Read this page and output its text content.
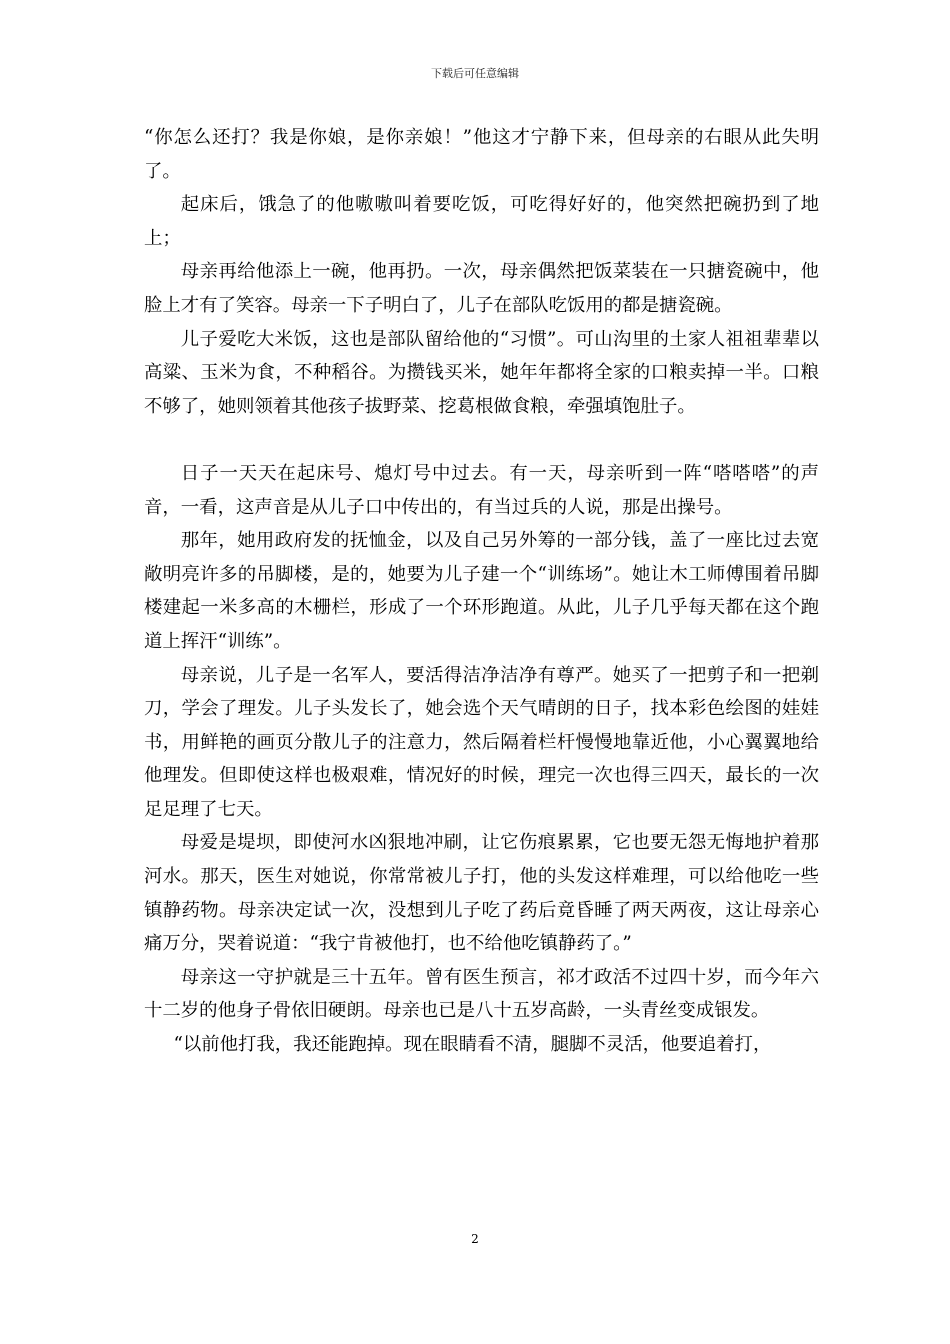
下载后可任意编辑

“你怎么还打？我是你娘，是你亲娘！”他这才宁静下来，但母亲的右眼从此失明了。

起床后，饿急了的他嗷嗷叫着要吃饭，可吃得好好的，他突然把碗扔到了地上；

母亲再给他添上一碗，他再扔。一次，母亲偶然把饭菜装在一只搪瓷碗中，他脸上才有了笑容。母亲一下子明白了，儿子在部队吃饭用的都是搪瓷碗。

儿子爱吃大米饭，这也是部队留给他的“习惯”。可山沟里的土家人祖祖辈辈以高粱、玉米为食，不种稻谷。为攒钱买米，她年年都将全家的口粮卖掉一半。口粮不够了，她则领着其他孩子拔野菜、挖葛根做食粮，牵强填饱肚子。

日子一天天在起床号、熄灯号中过去。有一天，母亲听到一阵“嗒嗒嗒”的声音，一看，这声音是从儿子口中传出的，有当过兵的人说，那是出操号。

那年，她用政府发的抚恤金，以及自己另外筹的一部分钱，盖了一座比过去宽敞明亮许多的吊脚楼，是的，她要为儿子建一个“训练场”。她让木工师傅围着吊脚楼建起一米多高的木栅栏，形成了一个环形跑道。从此，儿子几乎每天都在这个跑道上挥汗“训练”。

母亲说，儿子是一名军人，要活得洁净洁净有尊严。她买了一把剪子和一把剃刀，学会了理发。儿子头发长了，她会选个天气晴朗的日子，找本彩色绘图的娃娃书，用鲜艳的画页分散儿子的注意力，然后隔着栏杆慢慢地靠近他，小心翼翼地给他理发。但即使这样也极艰难，情况好的时候，理完一次也得三四天，最长的一次足足理了七天。

母爱是堤坝，即使河水凶狠地冲刷，让它伤痕累累，它也要无怨无悔地护着那河水。那天，医生对她说，你常常被儿子打，他的头发这样难理，可以给他吃一些镇静药物。母亲决定试一次，没想到儿子吃了药后竟昏睡了两天两夜，这让母亲心痛万分，哭着说道：“我宁肯被他打，也不给他吃镇静药了。”

母亲这一守护就是三十五年。曾有医生预言，祁才政活不过四十岁，而今年六十二岁的他身子骨依旧硬朗。母亲也已是八十五岁高龄，一头青丝变成银发。

“以前他打我，我还能跑掉。现在眼睛看不清，腿脚不灵活，他要追着打，

2
